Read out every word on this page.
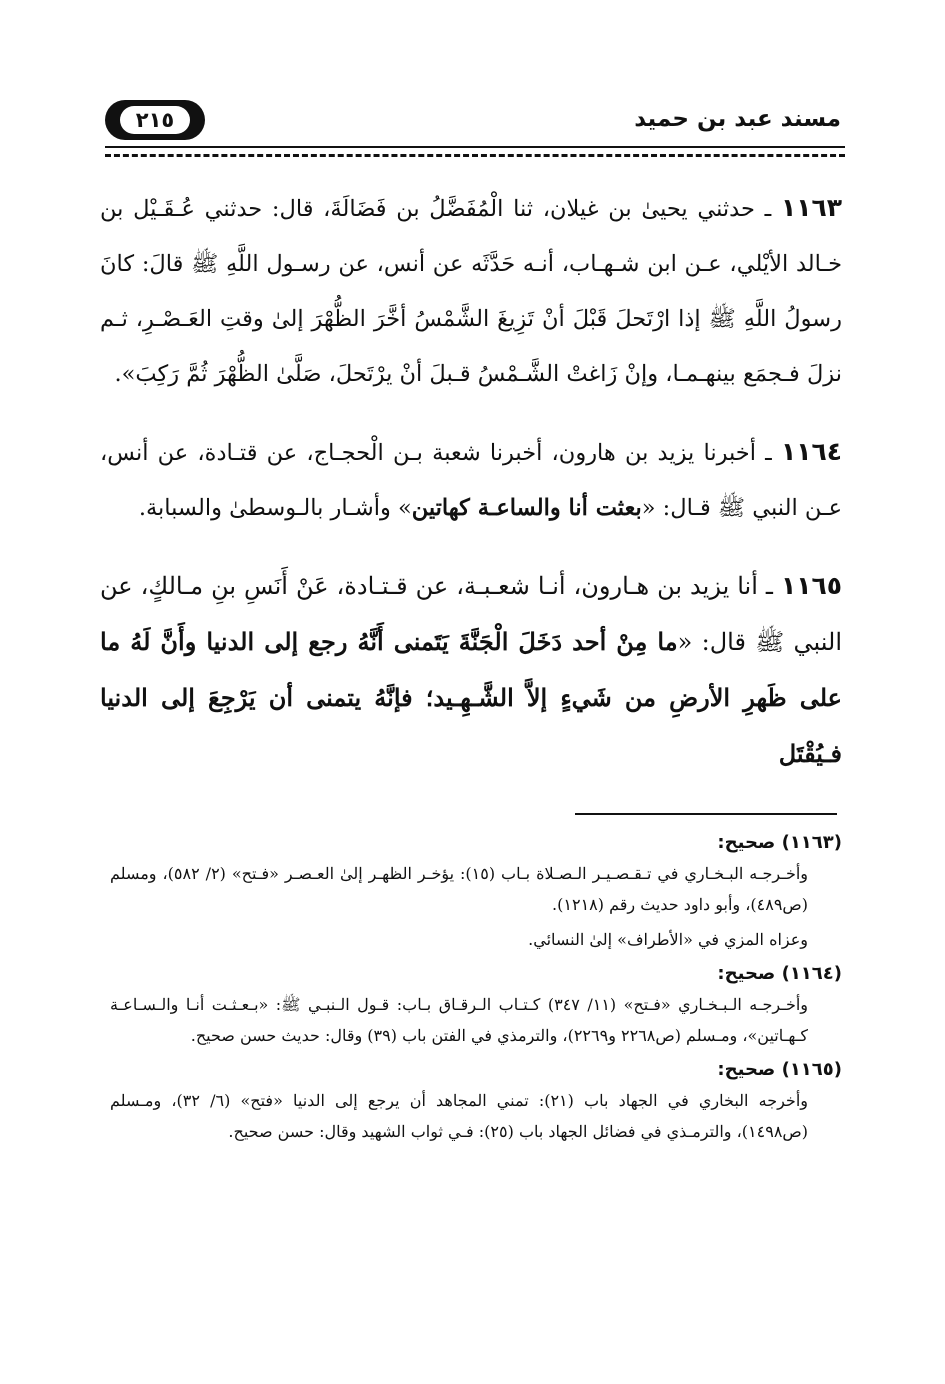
٢١٥	مسند عبد بن حميد

١١٦٣ ـ حدثني يحيىٰ بن غيلان، ثنا الْمُفَضَّلُ بن فَضَالَةَ، قال: حدثني عُـقَـيْل بن خـالد الأيْلي، عـن ابن شـهـاب، أنـه حَدَّثَه عن أنس، عن رسـول اللَّهِ ﷺ قالَ: كانَ رسولُ اللَّهِ ﷺ إذا ارْتَحلَ قَبْلَ أنْ تَزِيغَ الشَّمْسُ أخَّرَ الظُّهْرَ إلىٰ وقتِ العَـصْـرِ، ثـم نزلَ فـجمَع بينهـمـا، وإنْ زَاغتْ الشَّـمْسُ قـبلَ أنْ يرْتَحلَ، صَلَّىٰ الظُّهْرَ ثُمَّ رَكِبَ».

١١٦٤ ـ أخبرنا يزيد بن هارون، أخبرنا شعبة بـن الْحجـاج، عن قتـادة، عن أنس، عـن النبي ﷺ قـال: «بعثت أنا والساعـة كهاتين» وأشـار بالـوسطىٰ والسبابة.

١١٦٥ ـ أنا يزيد بن هـارون، أنـا شعـبـة، عن قـتـادة، عَنْ أَنَسِ بنِ مـالكٍ، عن النبي ﷺ قال: «ما مِنْ أحد دَخَلَ الْجَنَّةَ يَتَمنى أَنَّهُ رجع إلى الدنيا وأَنَّ لَهُ ما على ظَهرِ الأرضِ من شَيءٍ إلاَّ الشَّـهِـيد؛ فإنَّهُ يتمنى أن يَرْجِعَ إلى الدنيا فـيُقْتَل

(١١٦٣) صحيح:

وأخـرجـه البـخـاري في تـقـصـيـر الـصـلاة بـاب (١٥): يؤخـر الظهـر إلىٰ العـصـر «فـتح» (٢/ ٥٨٢)، ومسلم (ص٤٨٩)، وأبو داود حديث رقم (١٢١٨).

وعزاه المزي في «الأطراف» إلىٰ النسائي.

(١١٦٤) صحيح:

وأخـرجـه الـبـخـاري «فـتح» (١١/ ٣٤٧) كـتـاب الـرقـاق بـاب: قـول الـنبـي ﷺ: «بـعـثـت أنـا والـسـاعـة كـهـاتين»، ومـسلم (ص٢٢٦٨ و٢٢٦٩)، والترمذي في الفتن باب (٣٩) وقال: حديث حسن صحيح.

(١١٦٥) صحيح:

وأخرجه البخاري في الجهاد باب (٢١): تمني المجاهد أن يرجع إلى الدنيا «فتح» (٦/ ٣٢)، ومـسلم (ص١٤٩٨)، والترمـذي في فضائل الجهاد باب (٢٥): فـي ثواب الشهيد وقال: حسن صحيح.
